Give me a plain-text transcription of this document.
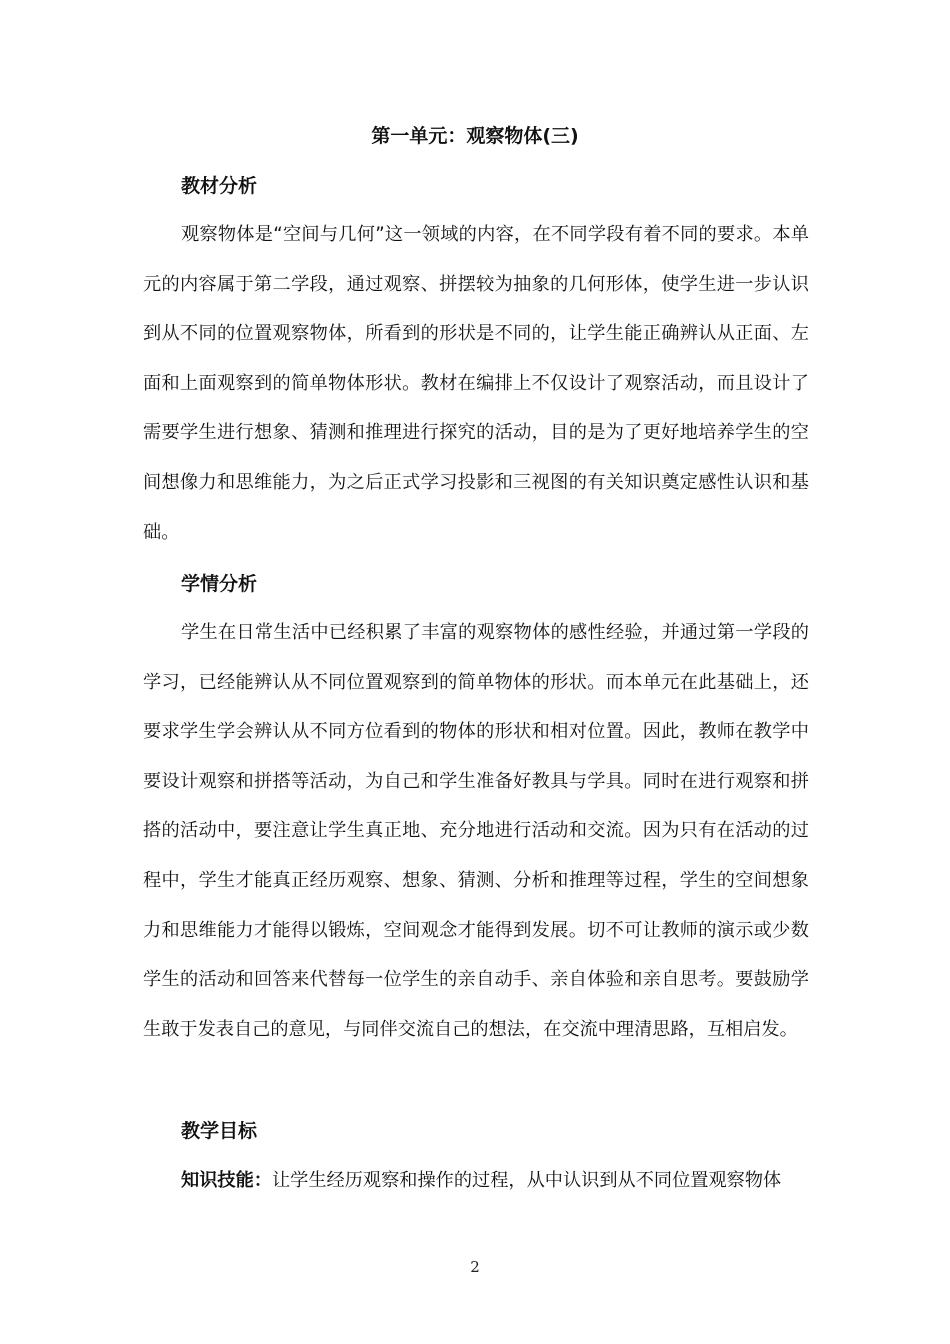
第一单元：观察物体(三)
教材分析

观察物体是“空间与几何”这一领域的内容，在不同学段有着不同的要求。本单元的内容属于第二学段，通过观察、拼摆较为抽象的几何形体，使学生进一步认识到从不同的位置观察物体，所看到的形状是不同的，让学生能正确辨认从正面、左面和上面观察到的简单物体形状。教材在编排上不仅设计了观察活动，而且设计了需要学生进行想象、猜测和推理进行探究的活动，目的是为了更好地培养学生的空间想像力和思维能力，为之后正式学习投影和三视图的有关知识奠定感性认识和基础。

学情分析

学生在日常生活中已经积累了丰富的观察物体的感性经验，并通过第一学段的学习，已经能辨认从不同位置观察到的简单物体的形状。而本单元在此基础上，还要求学生学会辨认从不同方位看到的物体的形状和相对位置。因此，教师在教学中要设计观察和拼搭等活动，为自己和学生准备好教具与学具。同时在进行观察和拼搭的活动中，要注意让学生真正地、充分地进行活动和交流。因为只有在活动的过程中，学生才能真正经历观察、想象、猜测、分析和推理等过程，学生的空间想象力和思维能力才能得以锻炼，空间观念才能得到发展。切不可让教师的演示或少数学生的活动和回答来代替每一位学生的亲自动手、亲自体验和亲自思考。要鼓励学生敢于发表自己的意见，与同伴交流自己的想法，在交流中理清思路，互相启发。

教学目标

知识技能：让学生经历观察和操作的过程，从中认识到从不同位置观察物体

2
